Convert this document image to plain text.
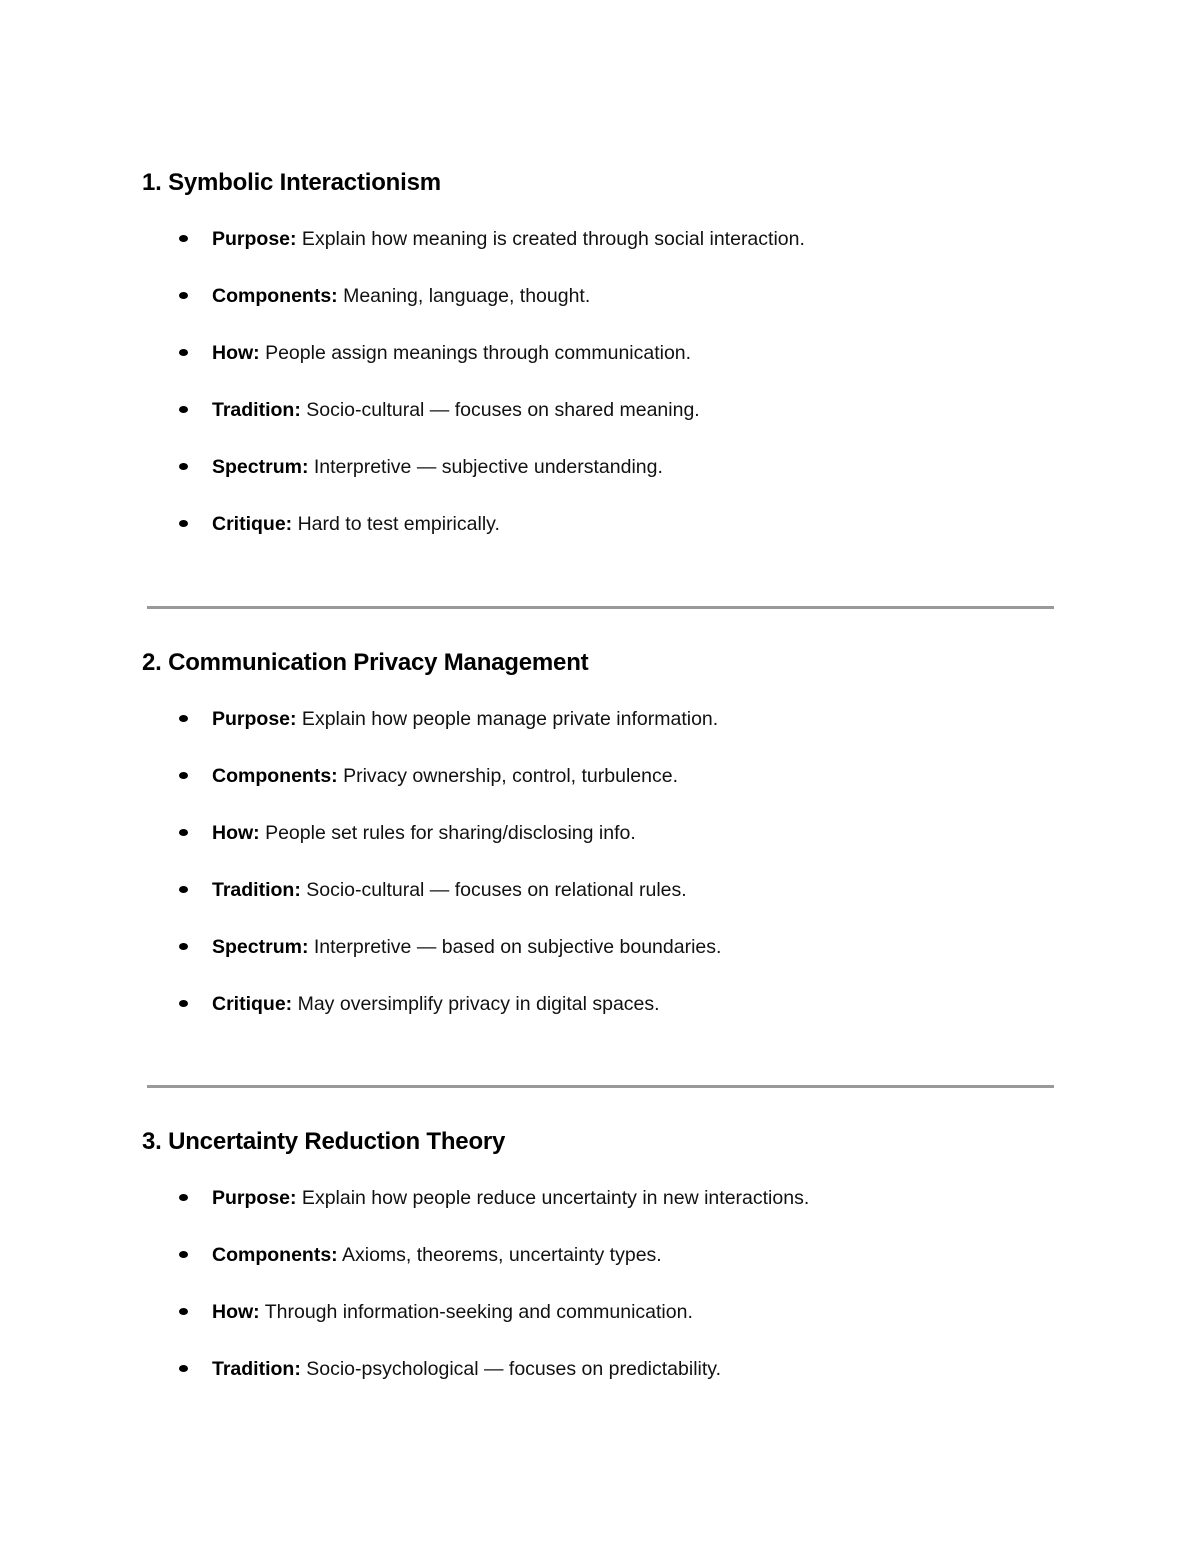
1. Symbolic Interactionism
Purpose: Explain how meaning is created through social interaction.
Components: Meaning, language, thought.
How: People assign meanings through communication.
Tradition: Socio-cultural — focuses on shared meaning.
Spectrum: Interpretive — subjective understanding.
Critique: Hard to test empirically.
2. Communication Privacy Management
Purpose: Explain how people manage private information.
Components: Privacy ownership, control, turbulence.
How: People set rules for sharing/disclosing info.
Tradition: Socio-cultural — focuses on relational rules.
Spectrum: Interpretive — based on subjective boundaries.
Critique: May oversimplify privacy in digital spaces.
3. Uncertainty Reduction Theory
Purpose: Explain how people reduce uncertainty in new interactions.
Components: Axioms, theorems, uncertainty types.
How: Through information-seeking and communication.
Tradition: Socio-psychological — focuses on predictability.
